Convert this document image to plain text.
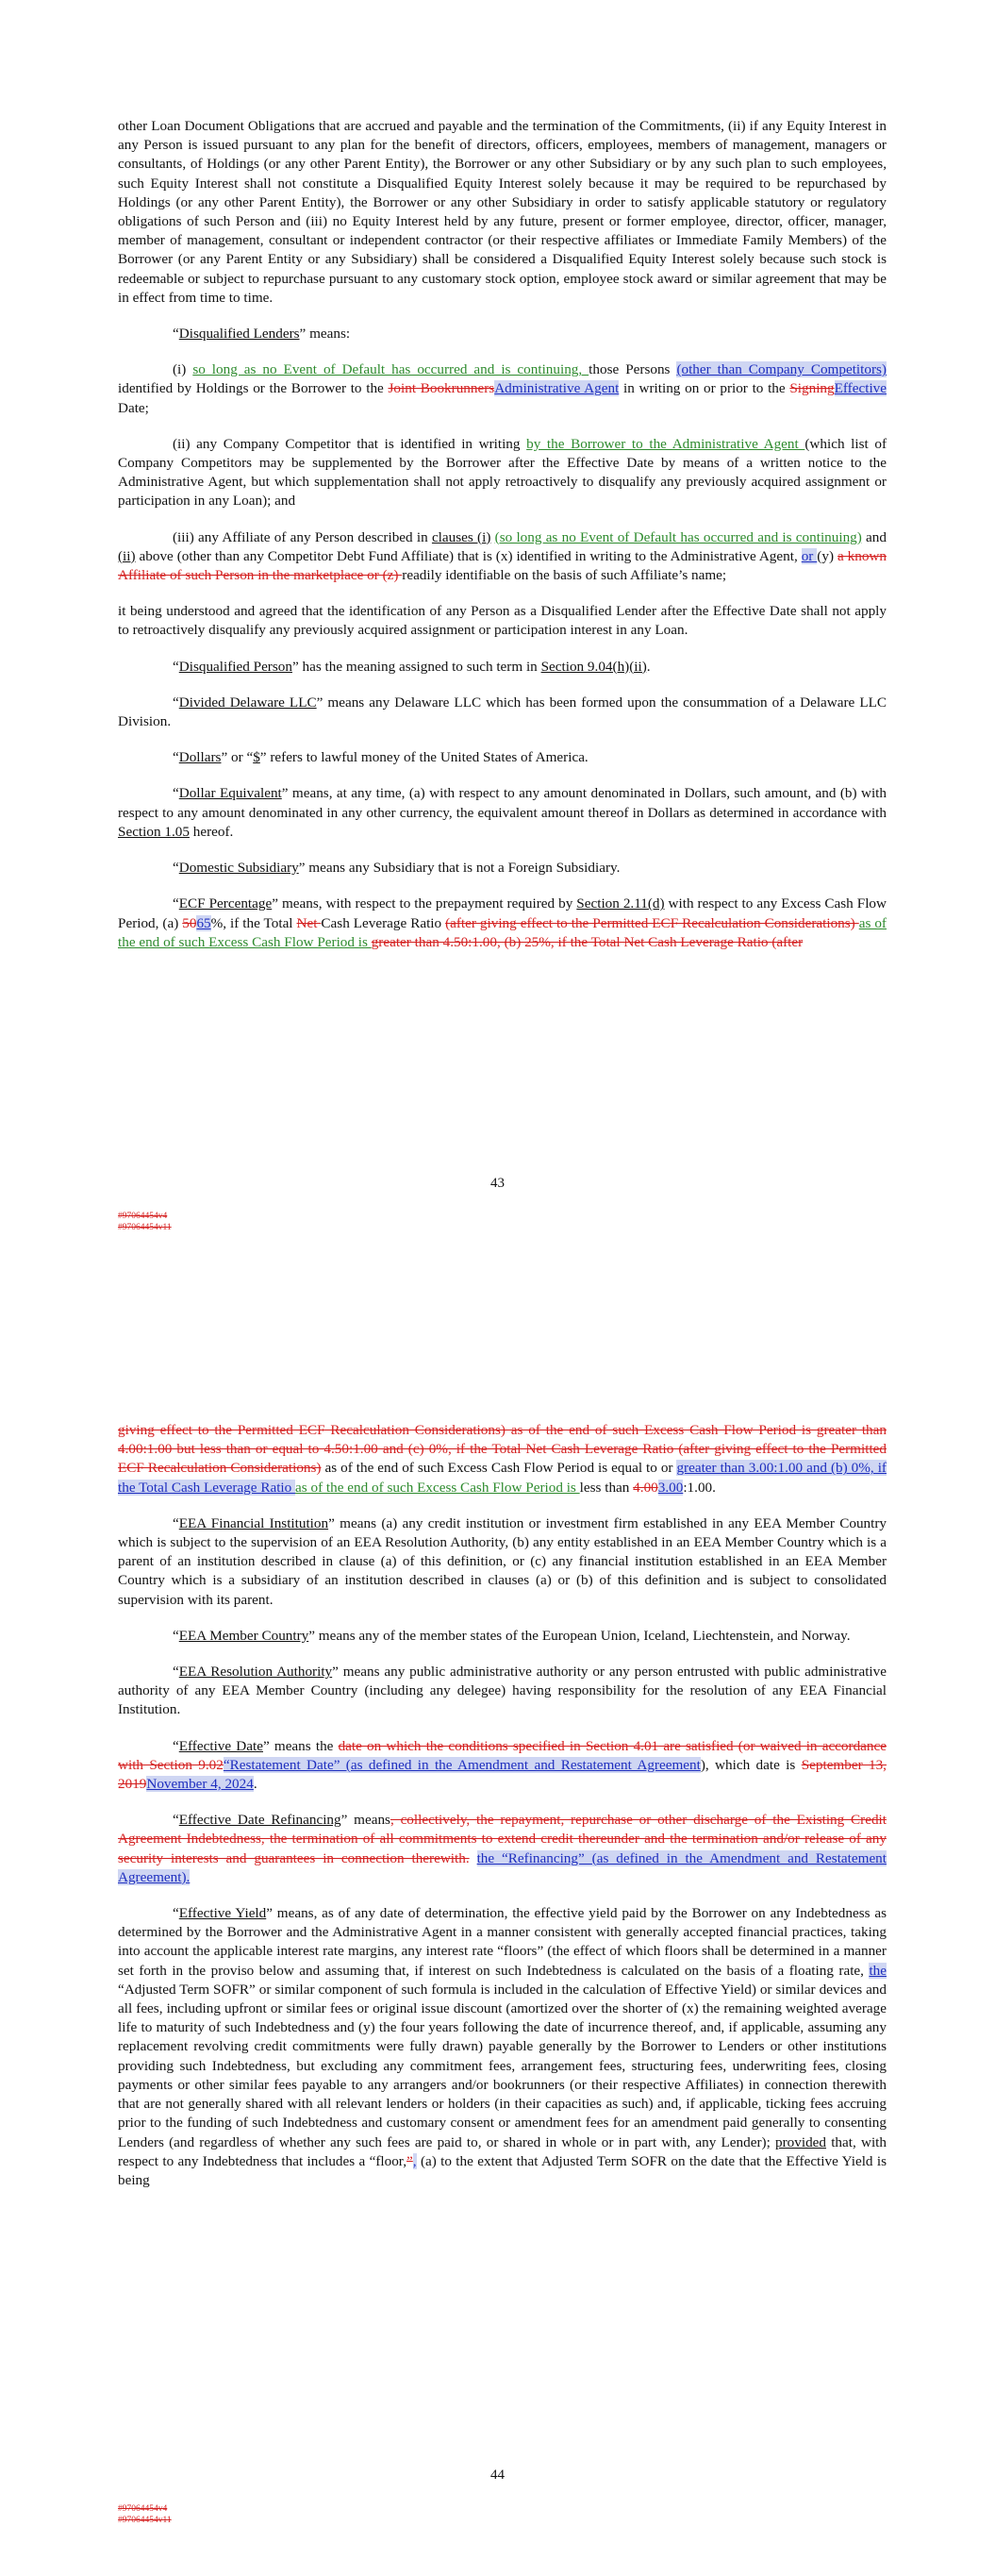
other Loan Document Obligations that are accrued and payable and the termination of the Commitments, (ii) if any Equity Interest in any Person is issued pursuant to any plan for the benefit of directors, officers, employees, members of management, managers or consultants, of Holdings (or any other Parent Entity), the Borrower or any other Subsidiary or by any such plan to such employees, such Equity Interest shall not constitute a Disqualified Equity Interest solely because it may be required to be repurchased by Holdings (or any other Parent Entity), the Borrower or any other Subsidiary in order to satisfy applicable statutory or regulatory obligations of such Person and (iii) no Equity Interest held by any future, present or former employee, director, officer, manager, member of management, consultant or independent contractor (or their respective affiliates or Immediate Family Members) of the Borrower (or any Parent Entity or any Subsidiary) shall be considered a Disqualified Equity Interest solely because such stock is redeemable or subject to repurchase pursuant to any customary stock option, employee stock award or similar agreement that may be in effect from time to time.

“Disqualified Lenders” means:

(i) so long as no Event of Default has occurred and is continuing, those Persons (other than Company Competitors) identified by Holdings or the Borrower to the Joint BookrunnersAdministrative Agent in writing on or prior to the SigningEffective Date;

(ii) any Company Competitor that is identified in writing by the Borrower to the Administrative Agent (which list of Company Competitors may be supplemented by the Borrower after the Effective Date by means of a written notice to the Administrative Agent, but which supplementation shall not apply retroactively to disqualify any previously acquired assignment or participation in any Loan); and

(iii) any Affiliate of any Person described in clauses (i) (so long as no Event of Default has occurred and is continuing) and (ii) above (other than any Competitor Debt Fund Affiliate) that is (x) identified in writing to the Administrative Agent, or (y) a known Affiliate of such Person in the marketplace or (z) readily identifiable on the basis of such Affiliate’s name;

it being understood and agreed that the identification of any Person as a Disqualified Lender after the Effective Date shall not apply to retroactively disqualify any previously acquired assignment or participation interest in any Loan.

“Disqualified Person” has the meaning assigned to such term in Section 9.04(h)(ii).

“Divided Delaware LLC” means any Delaware LLC which has been formed upon the consummation of a Delaware LLC Division.

“Dollars” or “$” refers to lawful money of the United States of America.

“Dollar Equivalent” means, at any time, (a) with respect to any amount denominated in Dollars, such amount, and (b) with respect to any amount denominated in any other currency, the equivalent amount thereof in Dollars as determined in accordance with Section 1.05 hereof.

“Domestic Subsidiary” means any Subsidiary that is not a Foreign Subsidiary.

“ECF Percentage” means, with respect to the prepayment required by Section 2.11(d) with respect to any Excess Cash Flow Period, (a) 5065%, if the Total Net Cash Leverage Ratio (after giving effect to the Permitted ECF Recalculation Considerations) as of the end of such Excess Cash Flow Period is greater than 4.50:1.00, (b) 25%, if the Total Net Cash Leverage Ratio (after

43
#97064454v4
#97064454v11

giving effect to the Permitted ECF Recalculation Considerations) as of the end of such Excess Cash Flow Period is greater than 4.00:1.00 but less than or equal to 4.50:1.00 and (c) 0%, if the Total Net Cash Leverage Ratio (after giving effect to the Permitted ECF Recalculation Considerations) as of the end of such Excess Cash Flow Period is equal to or greater than 3.00:1.00 and (b) 0%, if the Total Cash Leverage Ratio as of the end of such Excess Cash Flow Period is less than 4.003.00:1.00.

“EEA Financial Institution” means (a) any credit institution or investment firm established in any EEA Member Country which is subject to the supervision of an EEA Resolution Authority, (b) any entity established in an EEA Member Country which is a parent of an institution described in clause (a) of this definition, or (c) any financial institution established in an EEA Member Country which is a subsidiary of an institution described in clauses (a) or (b) of this definition and is subject to consolidated supervision with its parent.

“EEA Member Country” means any of the member states of the European Union, Iceland, Liechtenstein, and Norway.

“EEA Resolution Authority” means any public administrative authority or any person entrusted with public administrative authority of any EEA Member Country (including any delegee) having responsibility for the resolution of any EEA Financial Institution.

“Effective Date” means the date on which the conditions specified in Section 4.01 are satisfied (or waived in accordance with Section 9.02“Restatement Date” (as defined in the Amendment and Restatement Agreement), which date is September 13, 2019November 4, 2024.

“Effective Date Refinancing” means, collectively, the repayment, repurchase or other discharge of the Existing Credit Agreement Indebtedness, the termination of all commitments to extend credit thereunder and the termination and/or release of any security interests and guarantees in connection therewith. the “Refinancing” (as defined in the Amendment and Restatement Agreement).

“Effective Yield” means, as of any date of determination, the effective yield paid by the Borrower on any Indebtedness as determined by the Borrower and the Administrative Agent in a manner consistent with generally accepted financial practices, taking into account the applicable interest rate margins, any interest rate “floors” (the effect of which floors shall be determined in a manner set forth in the proviso below and assuming that, if interest on such Indebtedness is calculated on the basis of a floating rate, the “Adjusted Term SOFR” or similar component of such formula is included in the calculation of Effective Yield) or similar devices and all fees, including upfront or similar fees or original issue discount (amortized over the shorter of (x) the remaining weighted average life to maturity of such Indebtedness and (y) the four years following the date of incurrence thereof, and, if applicable, assuming any replacement revolving credit commitments were fully drawn) payable generally by the Borrower to Lenders or other institutions providing such Indebtedness, but excluding any commitment fees, arrangement fees, structuring fees, underwriting fees, closing payments or other similar fees payable to any arrangers and/or bookrunners (or their respective Affiliates) in connection therewith that are not generally shared with all relevant lenders or holders (in their capacities as such) and, if applicable, ticking fees accruing prior to the funding of such Indebtedness and customary consent or amendment fees for an amendment paid generally to consenting Lenders (and regardless of whether any such fees are paid to, or shared in whole or in part with, any Lender); provided that, with respect to any Indebtedness that includes a “floor,”, (a) to the extent that Adjusted Term SOFR on the date that the Effective Yield is being

44
#97064454v4
#97064454v11
